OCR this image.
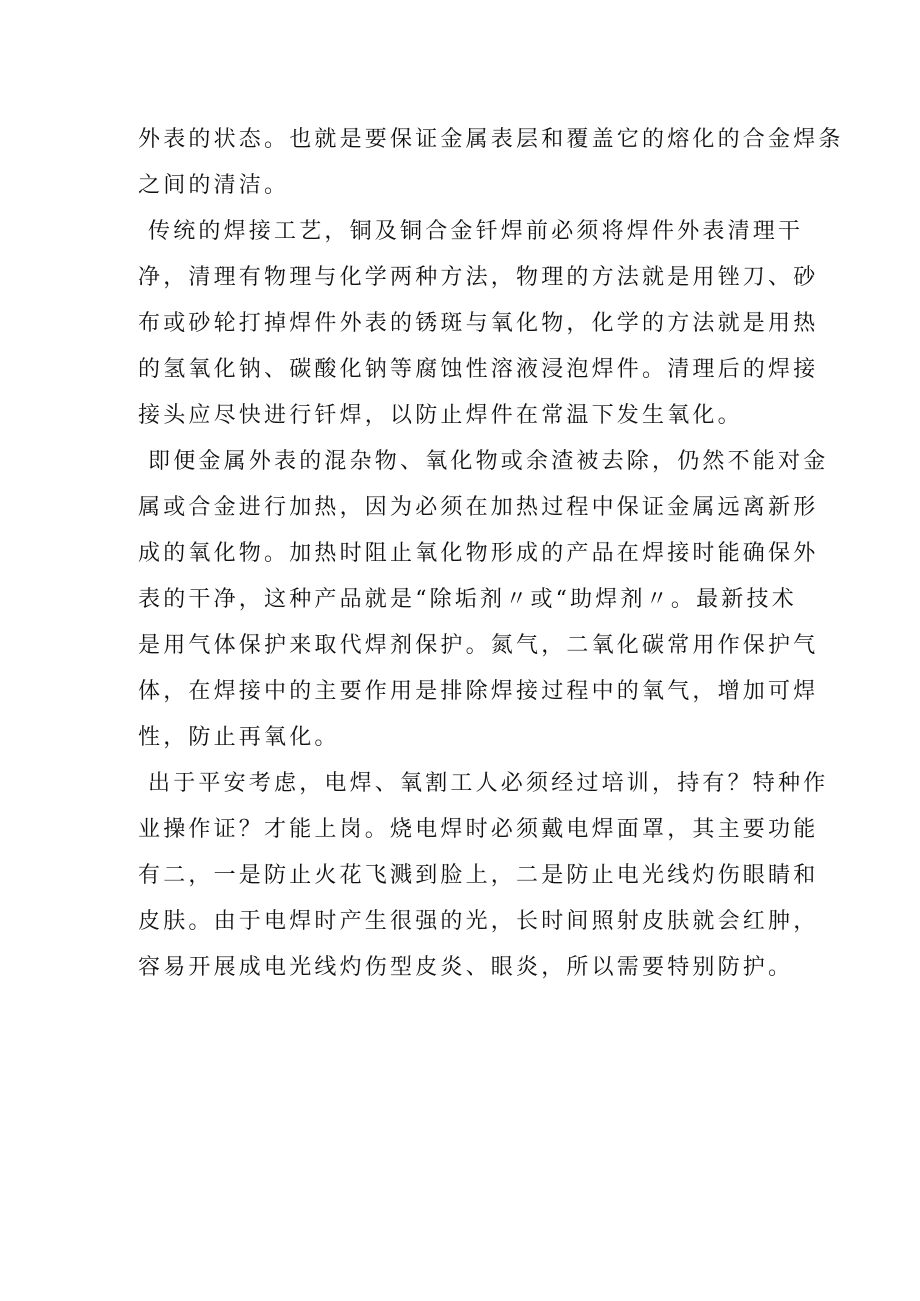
外表的状态。也就是要保证金属表层和覆盖它的熔化的合金焊条
之间的清洁。
传统的焊接工艺，铜及铜合金钎焊前必须将焊件外表清理干
净，清理有物理与化学两种方法，物理的方法就是用锉刀、砂
布或砂轮打掉焊件外表的锈斑与氧化物，化学的方法就是用热
的氢氧化钠、碳酸化钠等腐蚀性溶液浸泡焊件。清理后的焊接
接头应尽快进行钎焊，以防止焊件在常温下发生氧化。
即便金属外表的混杂物、氧化物或余渣被去除，仍然不能对金
属或合金进行加热，因为必须在加热过程中保证金属远离新形
成的氧化物。加热时阻止氧化物形成的产品在焊接时能确保外
表的干净，这种产品就是“除垢剂〃或“助焊剂〃。最新技术
是用气体保护来取代焊剂保护。氮气，二氧化碳常用作保护气
体，在焊接中的主要作用是排除焊接过程中的氧气，增加可焊
性，防止再氧化。
出于平安考虑，电焊、氧割工人必须经过培训，持有？特种作
业操作证？才能上岗。烧电焊时必须戴电焊面罩，其主要功能
有二，一是防止火花飞溅到脸上，二是防止电光线灼伤眼睛和
皮肤。由于电焊时产生很强的光，长时间照射皮肤就会红肿，
容易开展成电光线灼伤型皮炎、眼炎，所以需要特别防护。
